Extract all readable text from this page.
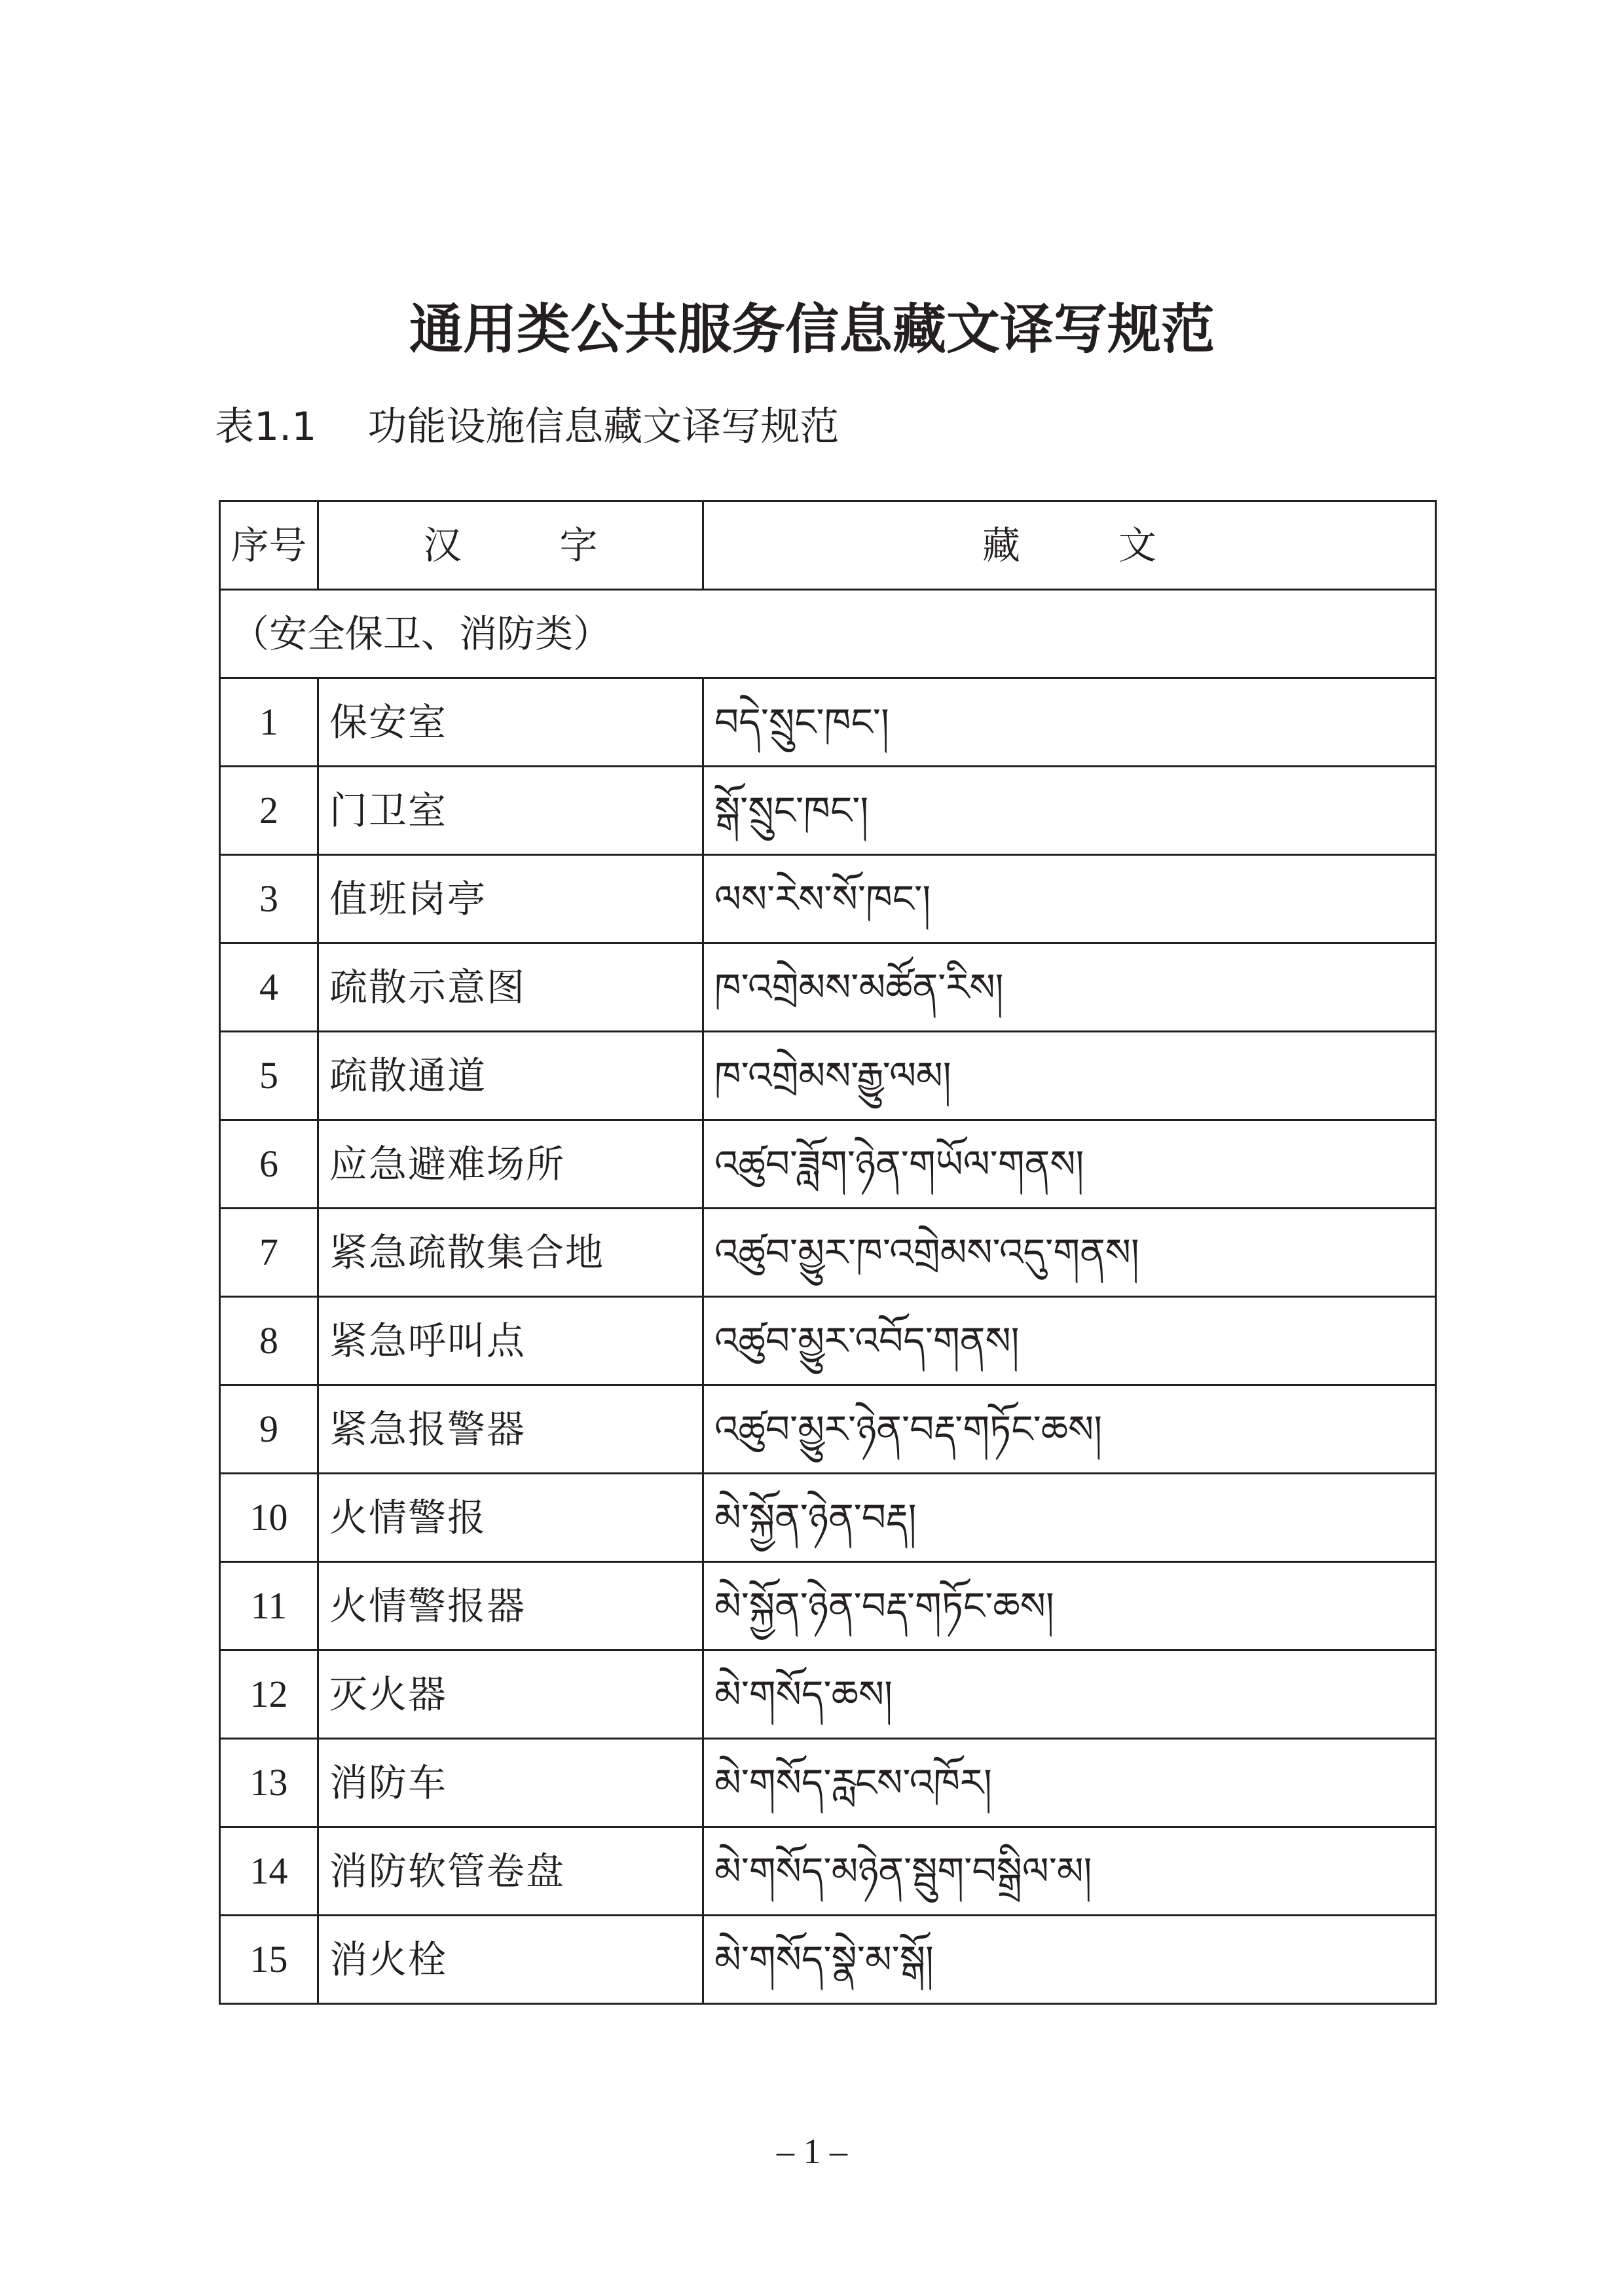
通用类公共服务信息藏文译写规范
表1.1 功能设施信息藏文译写规范
序号	汉 字	藏 文
（安全保卫、消防类）		
1	保安室	བདེ་སྲུང་ཁང་།
2	门卫室	སྒོ་སྲུང་ཁང་།
3	值班岗亭	ལས་རེས་སོ་ཁང་།
4	疏散示意图	ཁ་འགྲེམས་མཚོན་རིས།
5	疏散通道	ཁ་འགྲེམས་རྒྱུ་ལམ།
6	应急避难场所	འཚུབ་ཟློག་ཉེན་གཡོལ་གནས།
7	紧急疏散集合地	འཚུབ་མྱུར་ཁ་འགྲེམས་འདུ་གནས།
8	紧急呼叫点	འཚུབ་མྱུར་འབོད་གནས།
9	紧急报警器	འཚུབ་མྱུར་ཉེན་བརྡ་གཏོང་ཆས།
10	火情警报	མེ་སྐྱོན་ཉེན་བརྡ།
11	火情警报器	མེ་སྐྱོན་ཉེན་བརྡ་གཏོང་ཆས།
12	灭火器	མེ་གསོད་ཆས།
13	消防车	མེ་གསོད་རླངས་འཁོར།
14	消防软管卷盘	མེ་གསོད་མཉེན་སྦུག་བསྒྲིལ་མ།
15	消火栓	མེ་གསོད་སྣེ་མ་སྒོ།
– 1 –
